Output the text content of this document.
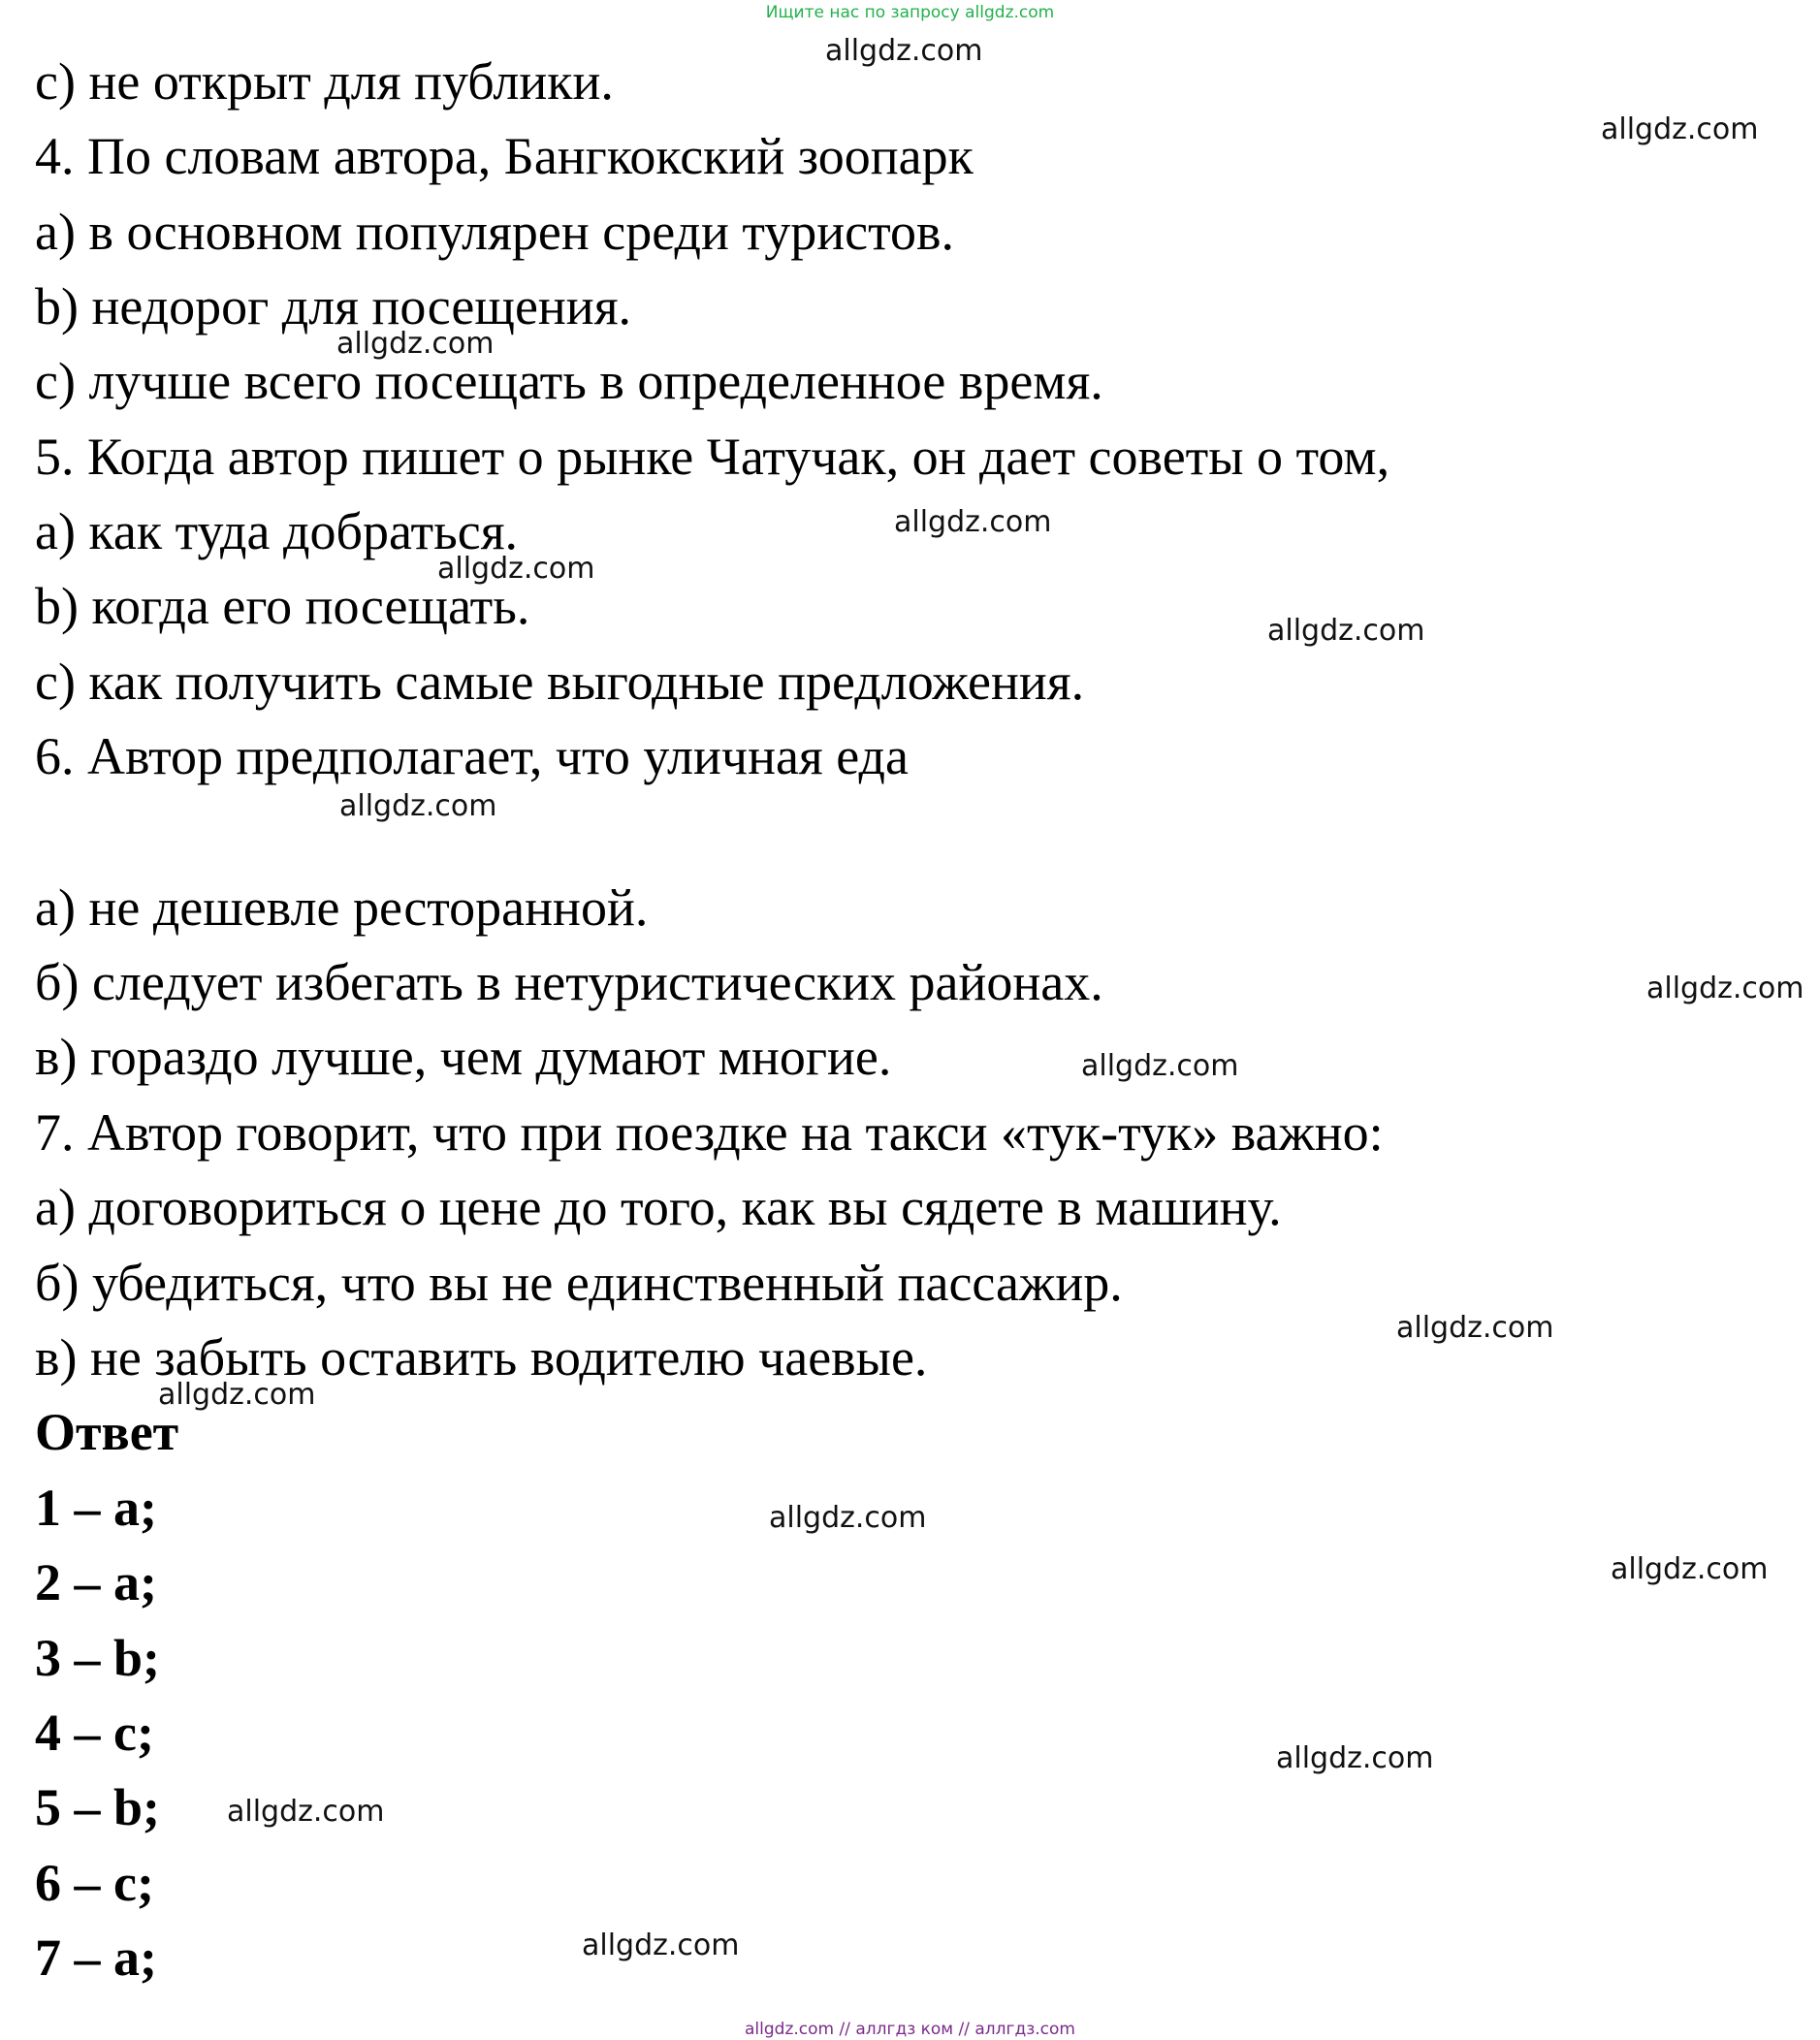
Ищите нас по запросу allgdz.com

с) не открыт для публики.

4. По словам автора, Бангкокский зоопарк

а) в основном популярен среди туристов.

b) недорог для посещения.

с) лучше всего посещать в определенное время.

5. Когда автор пишет о рынке Чатучак, он дает советы о том,

а) как туда добраться.

b) когда его посещать.

с) как получить самые выгодные предложения.

6. Автор предполагает, что уличная еда

а) не дешевле ресторанной.

б) следует избегать в нетуристических районах.

в) гораздо лучше, чем думают многие.

7. Автор говорит, что при поездке на такси «тук-тук» важно:

а) договориться о цене до того, как вы сядете в машину.

б) убедиться, что вы не единственный пассажир.

в) не забыть оставить водителю чаевые.

Ответ

1 – а;

2 – а;

3 – b;

4 – с;

5 – b;

6 – с;

7 – а;

allgdz.com
allgdz.com
allgdz.com
allgdz.com
allgdz.com
allgdz.com
allgdz.com
allgdz.com
allgdz.com
allgdz.com
allgdz.com
allgdz.com
allgdz.com
allgdz.com
allgdz.com
allgdz.com
allgdz.com // аллгдз ком // аллгдз.com
